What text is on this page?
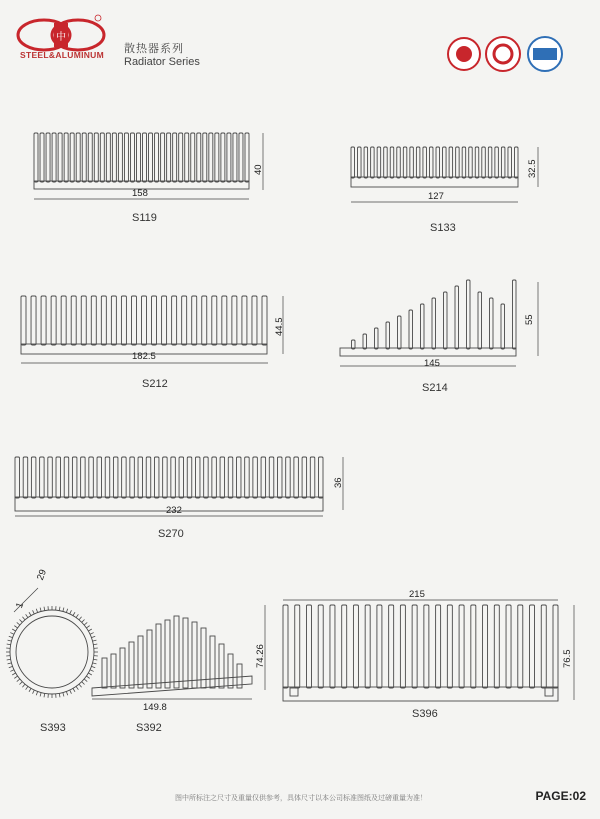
中
STEEL&ALUMINUM 散热器系列
Radiator Series
S119
158
40
S133
127
32.5
S212
182.5
44.5
S214
145
55
S270
232
36
S393
29
1
S392
149.8
74.26
S396
215
76.5
图中所标注之尺寸及重量仅供参考，具体尺寸以本公司标准图纸及过磅重量为准！	PAGE:02
